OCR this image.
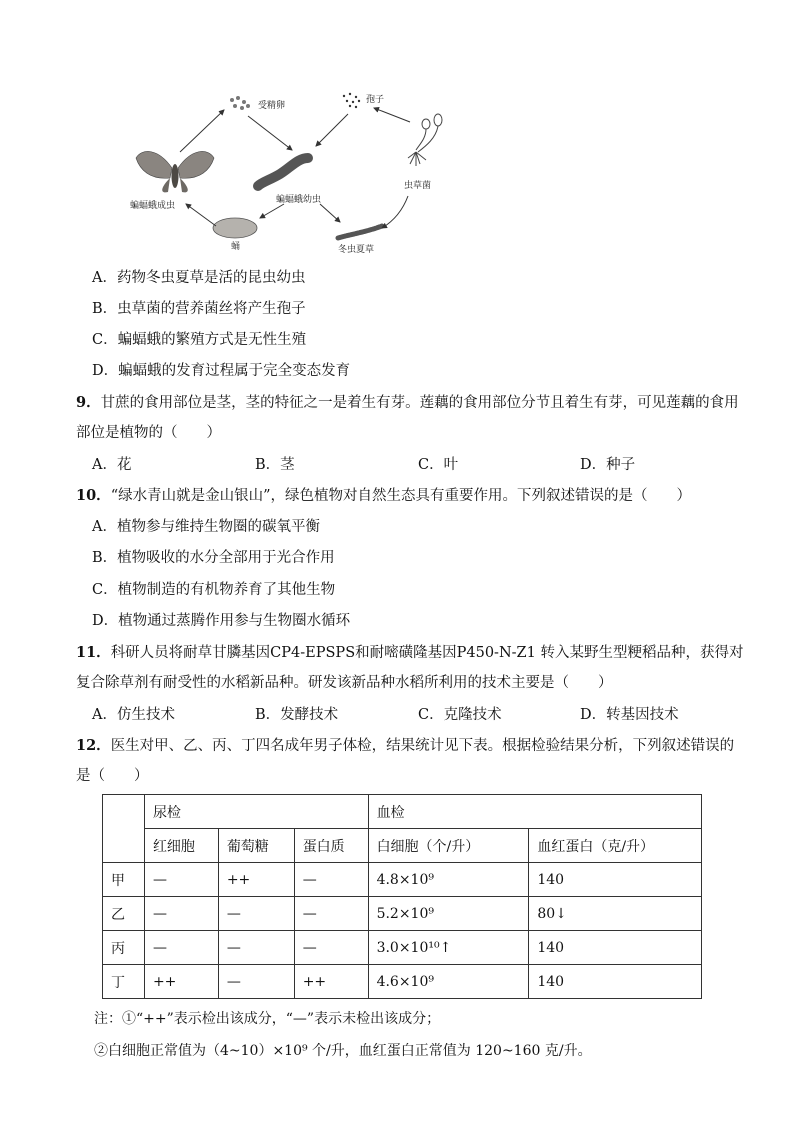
受精卵
孢子
蝙蝠蛾成虫
蝙蝠蛾幼虫
虫草菌
蛹	冬虫夏草
A．药物冬虫夏草是活的昆虫幼虫
B．虫草菌的营养菌丝将产生孢子
C．蝙蝠蛾的繁殖方式是无性生殖
D．蝙蝠蛾的发育过程属于完全变态发育
9．甘蔗的食用部位是茎，茎的特征之一是着生有芽。莲藕的食用部位分节且着生有芽，可见莲藕的食用
部位是植物的（　　）
A．花	B．茎	C．叶	D．种子
10．“绿水青山就是金山银山”，绿色植物对自然生态具有重要作用。下列叙述错误的是（　　）
A．植物参与维持生物圈的碳氧平衡
B．植物吸收的水分全部用于光合作用
C．植物制造的有机物养育了其他生物
D．植物通过蒸腾作用参与生物圈水循环
11．科研人员将耐草甘膦基因CP4-EPSPS和耐嘧磺隆基因P450-N-Z1 转入某野生型粳稻品种，获得对
复合除草剂有耐受性的水稻新品种。研发该新品种水稻所利用的技术主要是（　　）
A．仿生技术	B．发酵技术	C．克隆技术	D．转基因技术
12．医生对甲、乙、丙、丁四名成年男子体检，结果统计见下表。根据检验结果分析，下列叙述错误的
是（　　）
	尿检			血检	
	红细胞	葡萄糖	蛋白质	白细胞（个/升）	血红蛋白（克/升）
甲	—	++	—	4.8×10⁹	140
乙	—	—	—	5.2×10⁹	80↓
丙	—	—	—	3.0×10¹⁰↑	140
丁	++	—	++	4.6×10⁹	140
注：①“++”表示检出该成分，“—”表示未检出该成分；
②白细胞正常值为（4~10）×10⁹ 个/升，血红蛋白正常值为 120~160 克/升。
